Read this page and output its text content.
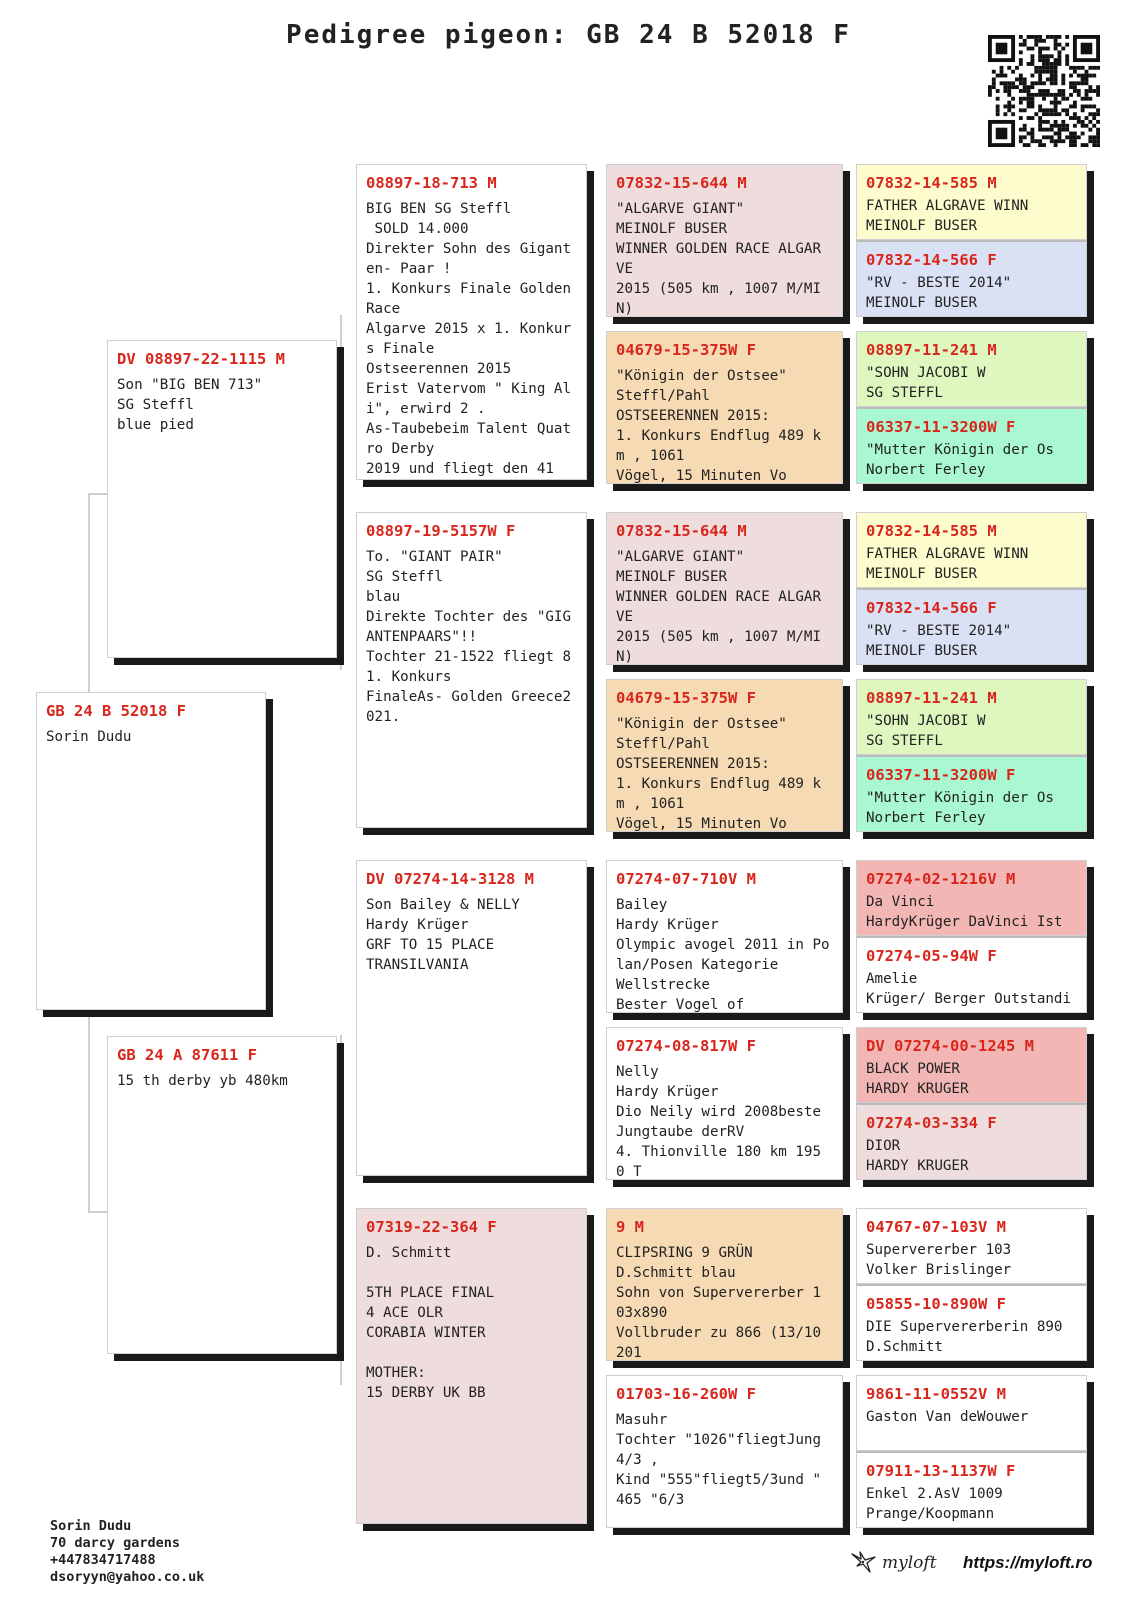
Pedigree pigeon: GB 24 B 52018 F
GB 24 B 52018 F
Sorin Dudu
DV 08897-22-1115 M
Son "BIG BEN 713"
SG Steffl
blue pied
GB 24 A 87611 F
15 th derby yb 480km
08897-18-713 M
BIG BEN SG Steffl
SOLD 14.000
Direkter Sohn des Gigant en- Paar !
1. Konkurs Finale Golden Race
Algarve 2015 x 1. Konkur s Finale
Ostseerennen 2015
Erist Vatervom " King Al i", erwird 2 .
As-Taubebeim Talent Quat ro Derby
2019 und fliegt den 41
08897-19-5157W F
To. "GIANT PAIR"
SG Steffl
blau
Direkte Tochter des "GIGANTENPAARS"!!
Tochter 21-1522 fliegt 8
1. Konkurs
FinaleAs- Golden Greece2 021.
DV 07274-14-3128 M
Son Bailey & NELLY
Hardy Krüger
GRF TO 15 PLACE
TRANSILVANIA
07319-22-364 F
D. Schmitt

5TH PLACE FINAL
4 ACE OLR
CORABIA WINTER

MOTHER:
15 DERBY UK BB
07832-15-644 M
"ALGARVE GIANT"
MEINOLF BUSER
WINNER GOLDEN RACE ALGAR VE
2015 (505 km , 1007 M/MI N)
04679-15-375W F
"Königin der Ostsee"
Steffl/Pahl
OSTSEERENNEN 2015:
1. Konkurs Endflug 489 k m , 1061
Vögel, 15 Minuten Vo
07832-15-644 M
"ALGARVE GIANT"
MEINOLF BUSER
WINNER GOLDEN RACE ALGAR VE
2015 (505 km , 1007 M/MI N)
04679-15-375W F
"Königin der Ostsee"
Steffl/Pahl
OSTSEERENNEN 2015:
1. Konkurs Endflug 489 k m , 1061
Vögel, 15 Minuten Vo
07274-07-710V M
Bailey
Hardy Krüger
Olympic avogel 2011 in Polan/Posen Kategorie
Wellstrecke
Bester Vogel of
07274-08-817W F
Nelly
Hardy Krüger
Dio Neily wird 2008beste
Jungtaube derRV
4. Thionville 180 km 195
0 T
9 M
CLIPSRING 9 GRÜN
D.Schmitt blau
Sohn von Supervererber 1 03x890
Vollbruder zu 866 (13/10
201
01703-16-260W F
Masuhr
Tochter "1026"fliegtJung 4/3 ,
Kind "555"fliegt5/3und "
465 "6/3
07832-14-585 M
FATHER ALGRAVE WINN
MEINOLF BUSER
07832-14-566 F
"RV - BESTE 2014"
MEINOLF BUSER
08897-11-241 M
"SOHN JACOBI W
SG STEFFL
06337-11-3200W F
"Mutter Königin der Os
Norbert Ferley
07832-14-585 M
FATHER ALGRAVE WINN
MEINOLF BUSER
07832-14-566 F
"RV - BESTE 2014"
MEINOLF BUSER
08897-11-241 M
"SOHN JACOBI W
SG STEFFL
06337-11-3200W F
"Mutter Königin der Os
Norbert Ferley
07274-02-1216V M
Da Vinci
HardyKrüger DaVinci Ist
07274-05-94W F
Amelie
Krüger/ Berger Outstandi
DV 07274-00-1245 M
BLACK POWER
HARDY KRUGER
07274-03-334 F
DIOR
HARDY KRUGER
04767-07-103V M
Supervererber 103
Volker Brislinger
05855-10-890W F
DIE Supervererberin 890
D.Schmitt
9861-11-0552V M
Gaston Van deWouwer
07911-13-1137W F
Enkel 2.AsV 1009
Prange/Koopmann
Sorin Dudu
70 darcy gardens
+447834717488
dsoryyn@yahoo.co.uk
myloft https://myloft.ro
